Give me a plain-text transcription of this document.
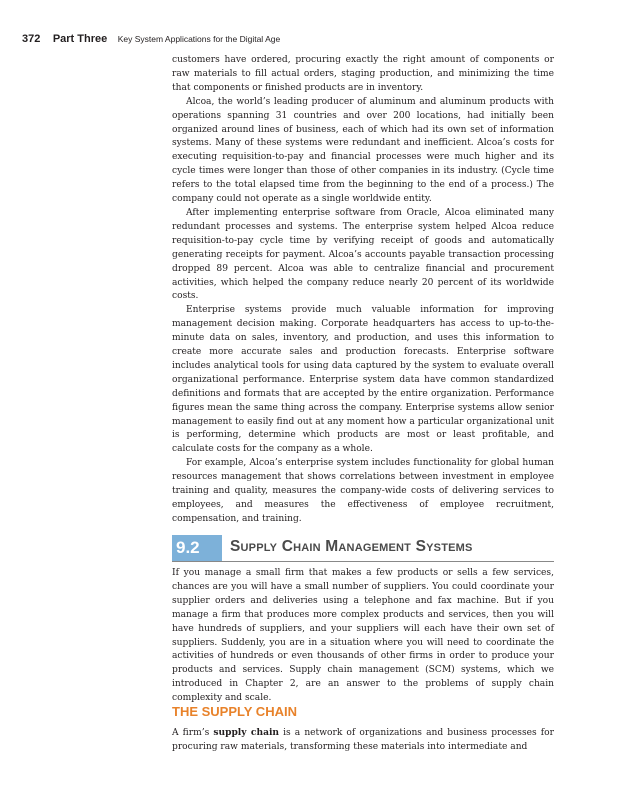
372 Part Three Key System Applications for the Digital Age

customers have ordered, procuring exactly the right amount of components or raw materials to fill actual orders, staging production, and minimizing the time that components or finished products are in inventory.

Alcoa, the world’s leading producer of aluminum and aluminum products with operations spanning 31 countries and over 200 locations, had initially been organized around lines of business, each of which had its own set of information systems. Many of these systems were redundant and inefficient. Alcoa’s costs for executing requisition-to-pay and financial processes were much higher and its cycle times were longer than those of other companies in its industry. (Cycle time refers to the total elapsed time from the beginning to the end of a process.) The company could not operate as a single worldwide entity.

After implementing enterprise software from Oracle, Alcoa eliminated many redundant processes and systems. The enterprise system helped Alcoa reduce requisition-to-pay cycle time by verifying receipt of goods and automatically generating receipts for payment. Alcoa’s accounts payable transaction processing dropped 89 percent. Alcoa was able to centralize financial and procurement activities, which helped the company reduce nearly 20 percent of its worldwide costs.

Enterprise systems provide much valuable information for improving management decision making. Corporate headquarters has access to up-to-the-minute data on sales, inventory, and production, and uses this information to create more accurate sales and production forecasts. Enterprise software includes analytical tools for using data captured by the system to evaluate overall organizational performance. Enterprise system data have common standardized definitions and formats that are accepted by the entire organization. Performance figures mean the same thing across the company. Enterprise systems allow senior management to easily find out at any moment how a particular organizational unit is performing, determine which products are most or least profitable, and calculate costs for the company as a whole.

For example, Alcoa’s enterprise system includes functionality for global human resources management that shows correlations between investment in employee training and quality, measures the company-wide costs of delivering services to employees, and measures the effectiveness of employee recruitment, compensation, and training.

9.2	Supply Chain Management Systems

If you manage a small firm that makes a few products or sells a few services, chances are you will have a small number of suppliers. You could coordinate your supplier orders and deliveries using a telephone and fax machine. But if you manage a firm that produces more complex products and services, then you will have hundreds of suppliers, and your suppliers will each have their own set of suppliers. Suddenly, you are in a situation where you will need to coordinate the activities of hundreds or even thousands of other firms in order to produce your products and services. Supply chain management (SCM) systems, which we introduced in Chapter 2, are an answer to the problems of supply chain complexity and scale.

THE SUPPLY CHAIN

A firm’s supply chain is a network of organizations and business processes for procuring raw materials, transforming these materials into intermediate and
